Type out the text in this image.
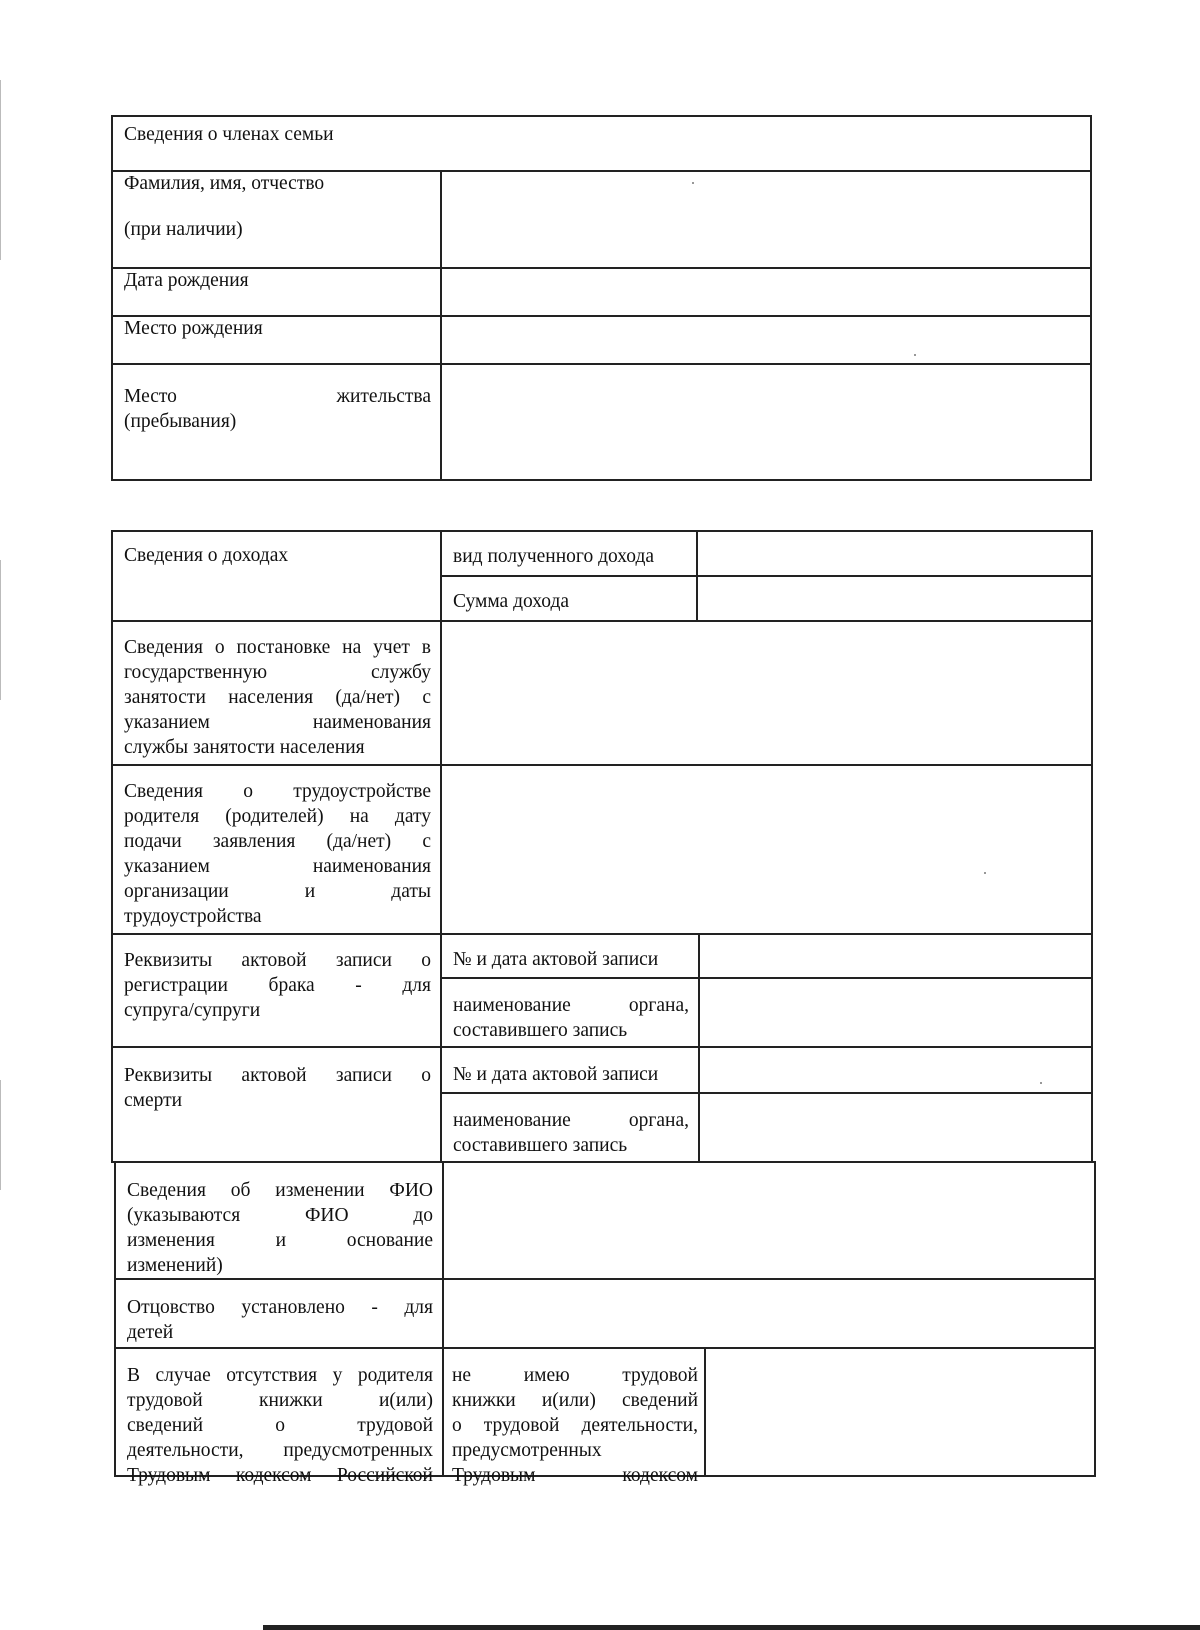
Сведения о членах семьи
Фамилия, имя, отчество
(при наличии)
Дата рождения
Место рождения
Место жительства
(пребывания)
Сведения о доходах	вид полученного дохода
Сумма дохода
Сведения о постановке на учет в
государственную службу
занятости населения (да/нет) с
указанием наименования
службы занятости населения
Сведения о трудоустройстве
родителя (родителей) на дату
подачи заявления (да/нет) с
указанием наименования
организации и даты
трудоустройства
Реквизиты актовой записи о
регистрации брака - для
супруга/супруги
№ и дата актовой записи
наименование органа,
составившего запись
Реквизиты актовой записи о
смерти
№ и дата актовой записи
наименование органа,
составившего запись
Сведения об изменении ФИО
(указываются ФИО до
изменения и основание
изменений)
Отцовство установлено - для
детей
В случае отсутствия у родителя
трудовой книжки и(или)
сведений о трудовой
деятельности, предусмотренных
Трудовым кодексом Российской
не имею трудовой
книжки и(или) сведений
о трудовой деятельности,
предусмотренных
Трудовым кодексом
